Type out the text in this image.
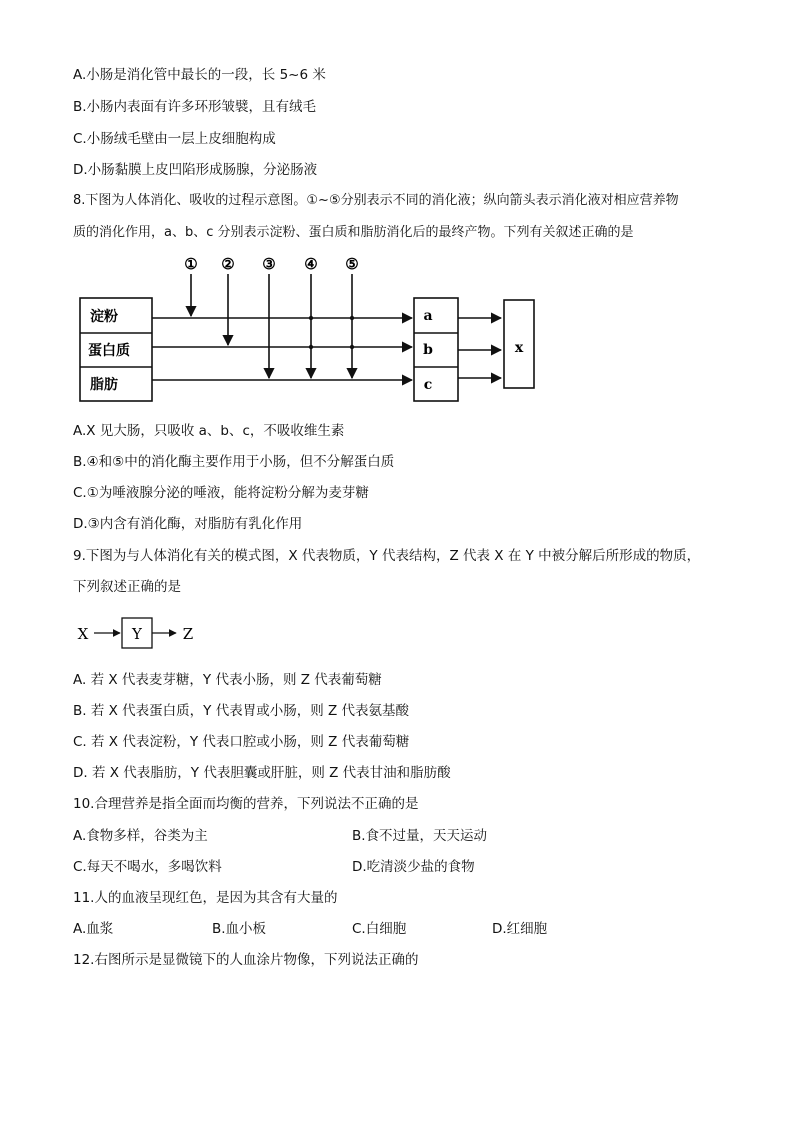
A.小肠是消化管中最长的一段，长 5~6 米
B.小肠内表面有许多环形皱襞，且有绒毛
C.小肠绒毛壁由一层上皮细胞构成
D.小肠黏膜上皮凹陷形成肠腺，分泌肠液
8.下图为人体消化、吸收的过程示意图。①~⑤分别表示不同的消化液；纵向箭头表示消化液对相应营养物
质的消化作用，a、b、c 分别表示淀粉、蛋白质和脂肪消化后的最终产物。下列有关叙述正确的是
① ② ③ ④ ⑤
淀粉
蛋白质
脂肪
a
b
c
x
A.X 见大肠，只吸收 a、b、c，不吸收维生素
B.④和⑤中的消化酶主要作用于小肠，但不分解蛋白质
C.①为唾液腺分泌的唾液，能将淀粉分解为麦芽糖
D.③内含有消化酶，对脂肪有乳化作用
9.下图为与人体消化有关的模式图，X 代表物质，Y 代表结构，Z 代表 X 在 Y 中被分解后所形成的物质，
下列叙述正确的是
X	Y	Z
A. 若 X 代表麦芽糖，Y 代表小肠，则 Z 代表葡萄糖
B. 若 X 代表蛋白质，Y 代表胃或小肠，则 Z 代表氨基酸
C. 若 X 代表淀粉，Y 代表口腔或小肠，则 Z 代表葡萄糖
D. 若 X 代表脂肪，Y 代表胆囊或肝脏，则 Z 代表甘油和脂肪酸
10.合理营养是指全面而均衡的营养，下列说法不正确的是
A.食物多样，谷类为主	B.食不过量，天天运动
C.每天不喝水，多喝饮料	D.吃清淡少盐的食物
11.人的血液呈现红色，是因为其含有大量的
A.血浆	B.血小板	C.白细胞	D.红细胞
12.右图所示是显微镜下的人血涂片物像，下列说法正确的
